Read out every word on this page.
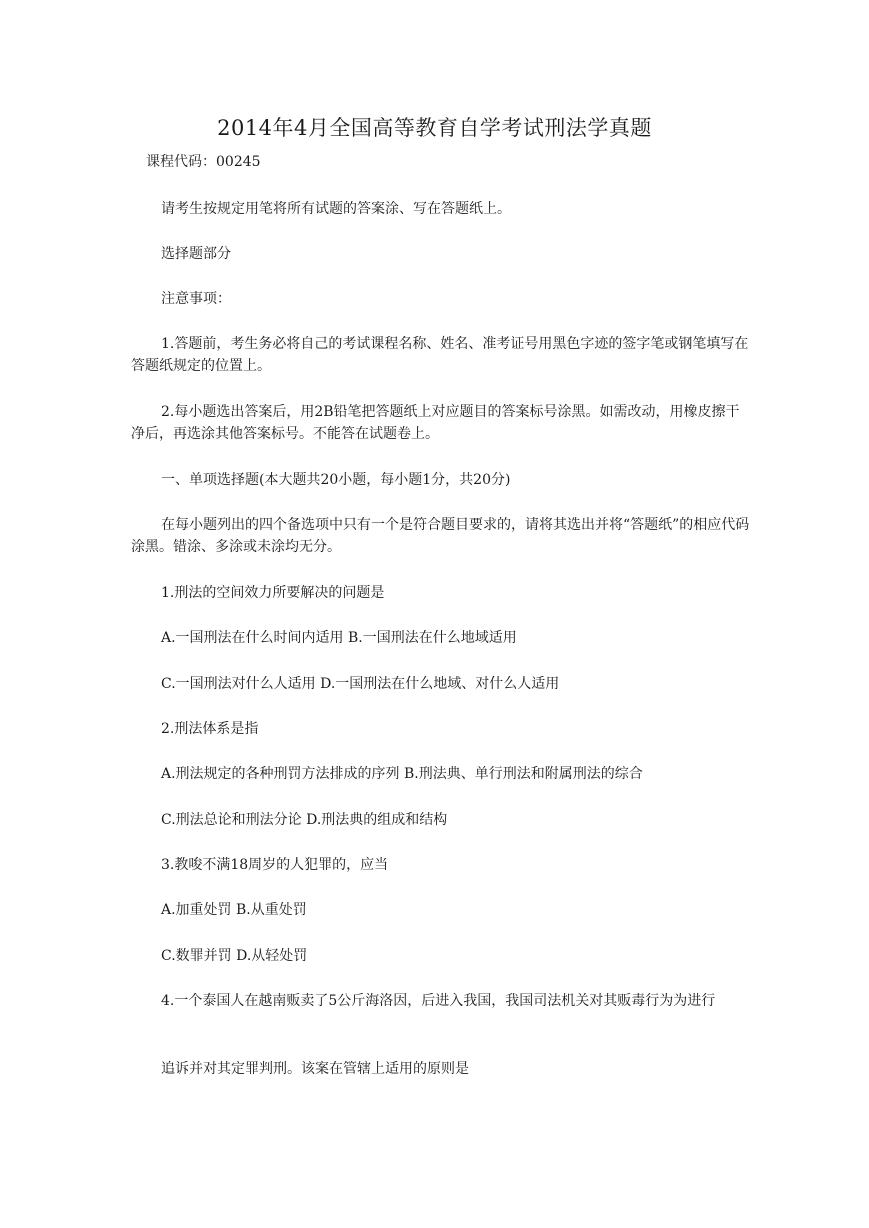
2014年4月全国高等教育自学考试刑法学真题
课程代码：00245

请考生按规定用笔将所有试题的答案涂、写在答题纸上。

选择题部分

注意事项：

1.答题前，考生务必将自己的考试课程名称、姓名、准考证号用黑色字迹的签字笔或钢笔填写在答题纸规定的位置上。

2.每小题选出答案后，用2B铅笔把答题纸上对应题目的答案标号涂黑。如需改动，用橡皮擦干净后，再选涂其他答案标号。不能答在试题卷上。

一、单项选择题(本大题共20小题，每小题1分，共20分)

在每小题列出的四个备选项中只有一个是符合题目要求的，请将其选出并将“答题纸”的相应代码涂黑。错涂、多涂或未涂均无分。

1.刑法的空间效力所要解决的问题是

A.一国刑法在什么时间内适用 B.一国刑法在什么地域适用

C.一国刑法对什么人适用 D.一国刑法在什么地域、对什么人适用

2.刑法体系是指

A.刑法规定的各种刑罚方法排成的序列 B.刑法典、单行刑法和附属刑法的综合

C.刑法总论和刑法分论 D.刑法典的组成和结构

3.教唆不满18周岁的人犯罪的，应当

A.加重处罚 B.从重处罚

C.数罪并罚 D.从轻处罚

4.一个泰国人在越南贩卖了5公斤海洛因，后进入我国，我国司法机关对其贩毒行为为进行

追诉并对其定罪判刑。该案在管辖上适用的原则是
